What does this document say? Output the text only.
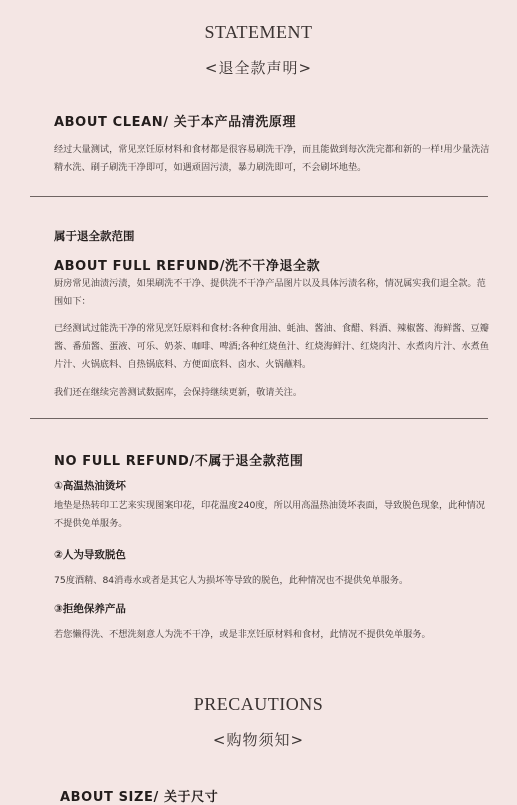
STATEMENT
<退全款声明>
ABOUT CLEAN/ 关于本产品清洗原理
经过大量测试，常见烹饪原材料和食材都是很容易刷洗干净，而且能做到每次洗完都和新的一样!用少量洗洁精水洗、刷子刷洗干净即可，如遇顽固污渍，暴力刷洗即可，不会刷坏地垫。
属于退全款范围
ABOUT FULL REFUND/洗不干净退全款
厨房常见油渍污渍，如果刷洗不干净、提供洗不干净产品图片以及具体污渍名称，情况属实我们退全款。范围如下：
已经测试过能洗干净的常见烹饪原料和食材:各种食用油、蚝油、酱油、食醋、料酒、辣椒酱、海鲜酱、豆瓣酱、番茄酱、蛋液、可乐、奶茶、咖啡、啤酒;各种红烧鱼汁、红烧海鲜汁、红烧肉汁、水煮肉片汁、水煮鱼片汁、火锅底料、自热锅底料、方便面底料、卤水、火锅蘸料。
我们还在继续完善测试数据库，会保持继续更新，敬请关注。
NO FULL REFUND/不属于退全款范围
①高温热油烫坏
地垫是热转印工艺来实现图案印花，印花温度240度，所以用高温热油烫坏表面，导致脱色现象，此种情况不提供免单服务。
②人为导致脱色
75度酒精、84消毒水或者是其它人为损坏等导致的脱色，此种情况也不提供免单服务。
③拒绝保养产品
若您懒得洗、不想洗刻意人为洗不干净，或是非烹饪原材料和食材，此情况不提供免单服务。
PRECAUTIONS
<购物须知>
ABOUT SIZE/ 关于尺寸
